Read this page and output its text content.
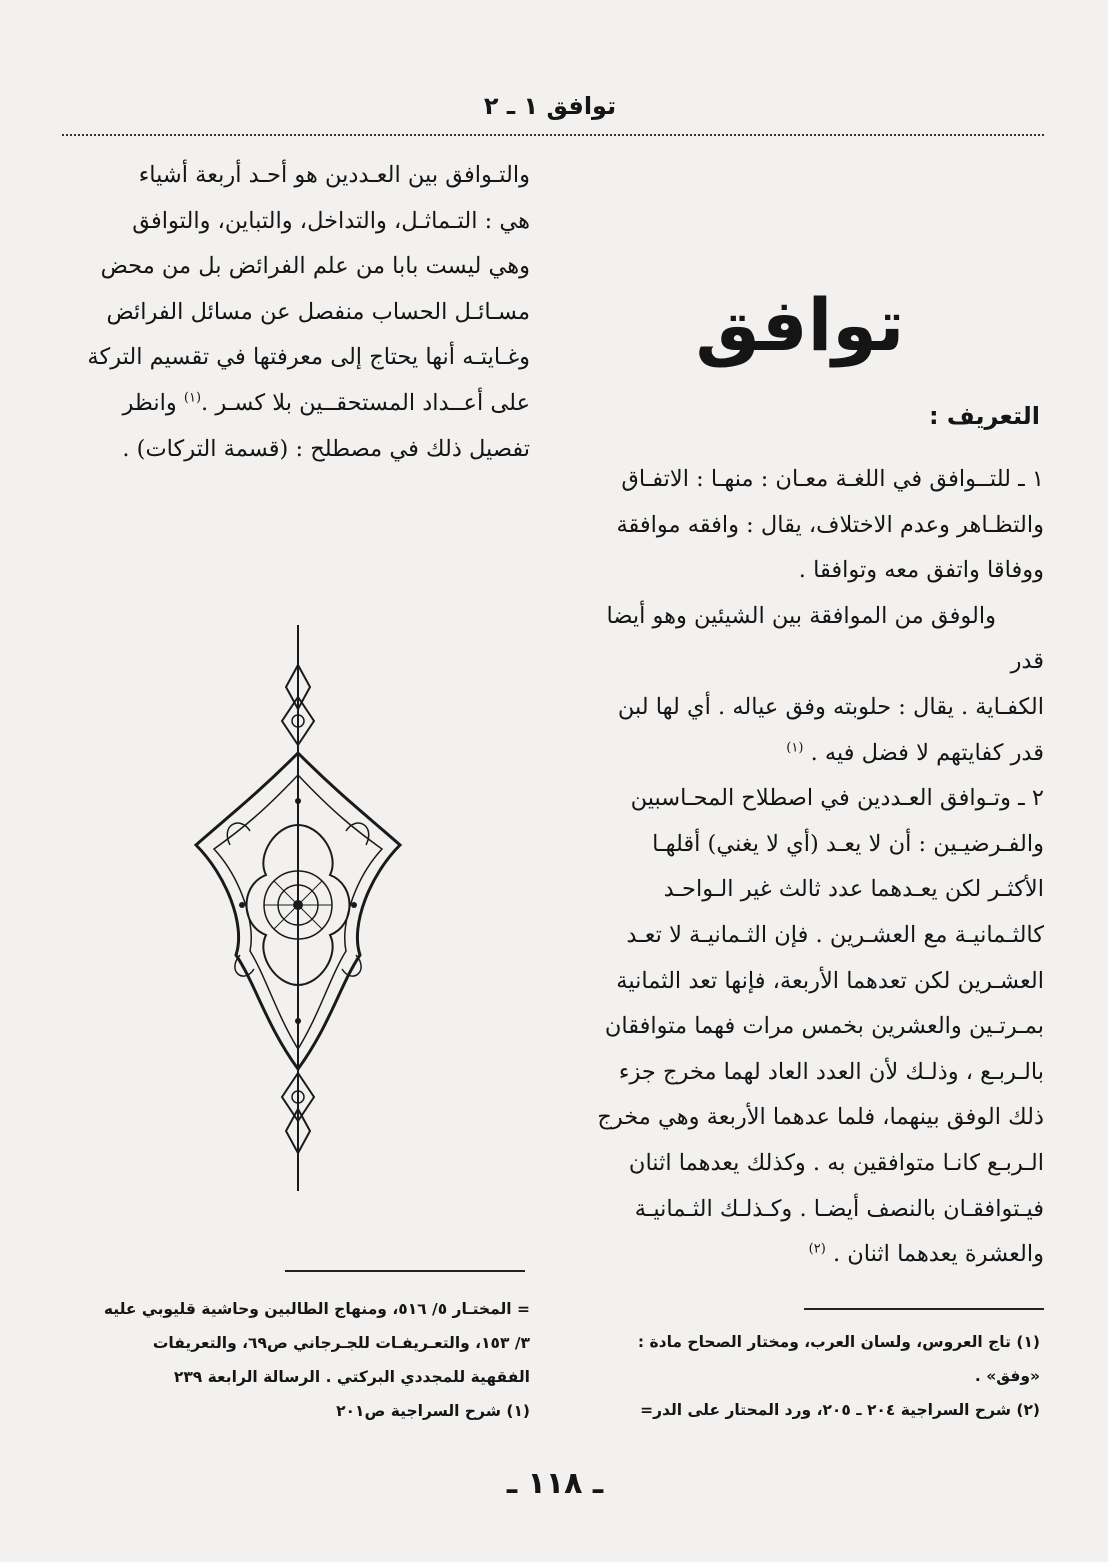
توافق ١ ـ ٢

والتـوافق بين العـددين هو أحـد أربعة أشياء

هي : التـماثـل، والتداخل، والتباين، والتوافق

وهي ليست بابا من علم الفرائض بل من محض

مسـائـل الحساب منفصل عن مسائل الفرائض

وغـايتـه أنها يحتاج إلى معرفتها في تقسيم التركة

على أعــداد المستحقــين بلا كسـر .$^{(١)}$ وانظر

تفصيل ذلك في مصطلح : (قسمة التركات) .

توافق
التعريف :

١ ـ للتــوافق في اللغـة معـان : منهـا : الاتفـاق

والتظـاهر وعدم الاختلاف، يقال : وافقه موافقة

ووفاقا واتفق معه وتوافقا .

والوفق من الموافقة بين الشيئين وهو أيضا قدر

الكفـاية . يقال : حلوبته وفق عياله . أي لها لبن

قدر كفايتهم لا فضل فيه . $^{(١)}$

٢ ـ وتـوافق العـددين في اصطلاح المحـاسبين

والفـرضيـين : أن لا يعـد (أي لا يغني) أقلهـا

الأكثـر لكن يعـدهما عدد ثالث غير الـواحـد

كالثـمانيـة مع العشـرين . فإن الثـمانيـة لا تعـد

العشـرين لكن تعدهما الأربعة، فإنها تعد الثمانية

بمـرتـين والعشرين بخمس مرات فهما متوافقان

بالـربـع ، وذلـك لأن العدد العاد لهما مخرج جزء

ذلك الوفق بينهما، فلما عدهما الأربعة وهي مخرج

الـربـع كانـا متوافقين به . وكذلك يعدهما اثنان

فيـتوافقـان بالنصف أيضـا . وكـذلـك الثـمانيـة

والعشرة يعدهما اثنان . $^{(٢)}$

(١) تاج العروس، ولسان العرب، ومختار الصحاح مادة :

«وفق» .

(٢) شرح السراجية ٢٠٤ ـ ٢٠٥، ورد المحتار على الدر=

= المختـار ٥/ ٥١٦، ومنهاج الطالبين وحاشية قليوبي عليه

٣/ ١٥٣، والتعـريفـات للجـرجاني ص٦٩، والتعريفات

الفقهية للمجددي البركتي . الرسالة الرابعة ٢٣٩

(١) شرح السراجية ص٢٠١

ـ ١١٨ ـ
